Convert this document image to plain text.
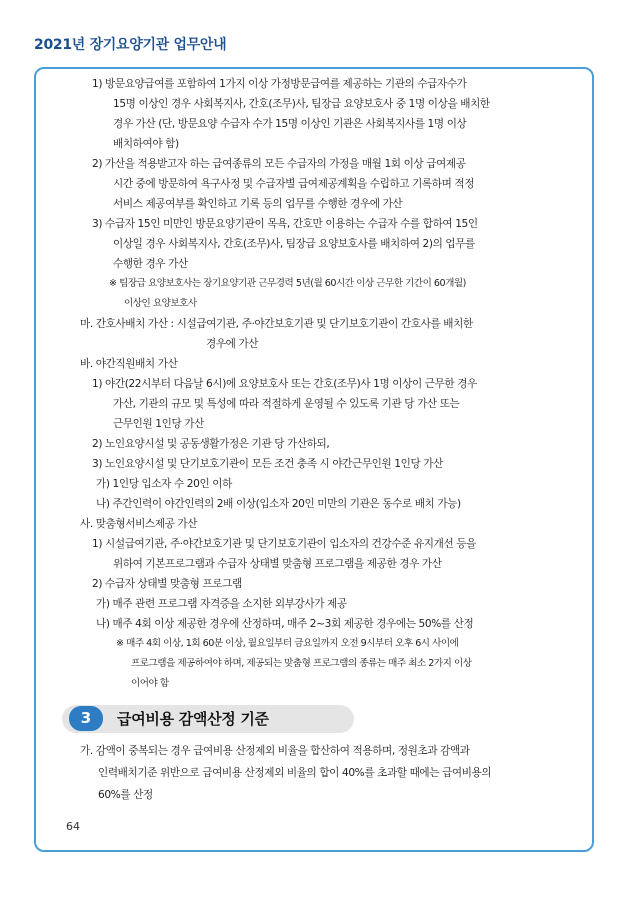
2021년 장기요양기관 업무안내
1) 방문요양급여를 포함하여 1가지 이상 가정방문급여를 제공하는 기관의 수급자수가
15명 이상인 경우 사회복지사, 간호(조무)사, 팀장급 요양보호사 중 1명 이상을 배치한
경우 가산 (단, 방문요양 수급자 수가 15명 이상인 기관은 사회복지사를 1명 이상
배치하여야 함)
2) 가산을 적용받고자 하는 급여종류의 모든 수급자의 가정을 매월 1회 이상 급여제공
시간 중에 방문하여 욕구사정 및 수급자별 급여제공계획을 수립하고 기록하며 적정
서비스 제공여부를 확인하고 기록 등의 업무를 수행한 경우에 가산
3) 수급자 15인 미만인 방문요양기관이 목욕, 간호만 이용하는 수급자 수를 합하여 15인
이상일 경우 사회복지사, 간호(조무)사, 팀장급 요양보호사를 배치하여 2)의 업무를
수행한 경우 가산
※ 팀장급 요양보호사는 장기요양기관 근무경력 5년(월 60시간 이상 근무한 기간이 60개월)
이상인 요양보호사
마. 간호사배치 가산 : 시설급여기관, 주·야간보호기관 및 단기보호기관이 간호사를 배치한
경우에 가산
바. 야간직원배치 가산
1) 야간(22시부터 다음날 6시)에 요양보호사 또는 간호(조무)사 1명 이상이 근무한 경우
가산, 기관의 규모 및 특성에 따라 적절하게 운영될 수 있도록 기관 당 가산 또는
근무인원 1인당 가산
2) 노인요양시설 및 공동생활가정은 기관 당 가산하되,
3) 노인요양시설 및 단기보호기관이 모든 조건 충족 시 야간근무인원 1인당 가산
가) 1인당 입소자 수 20인 이하
나) 주간인력이 야간인력의 2배 이상(입소자 20인 미만의 기관은 동수로 배치 가능)
사. 맞춤형서비스제공 가산
1) 시설급여기관, 주·야간보호기관 및 단기보호기관이 입소자의 건강수준 유지개선 등을
위하여 기본프로그램과 수급자 상태별 맞춤형 프로그램을 제공한 경우 가산
2) 수급자 상태별 맞춤형 프로그램
가) 매주 관련 프로그램 자격증을 소지한 외부강사가 제공
나) 매주 4회 이상 제공한 경우에 산정하며, 매주 2~3회 제공한 경우에는 50%를 산정
※ 매주 4회 이상, 1회 60분 이상, 월요일부터 금요일까지 오전 9시부터 오후 6시 사이에
프로그램을 제공하여야 하며, 제공되는 맞춤형 프로그램의 종류는 매주 최소 2가지 이상
이어야 함
3	급여비용 감액산정 기준
가. 감액이 중복되는 경우 급여비용 산정제외 비율을 합산하여 적용하며, 정원초과 감액과
인력배치기준 위반으로 급여비용 산정제외 비율의 합이 40%를 초과할 때에는 급여비용의
60%를 산정
64
